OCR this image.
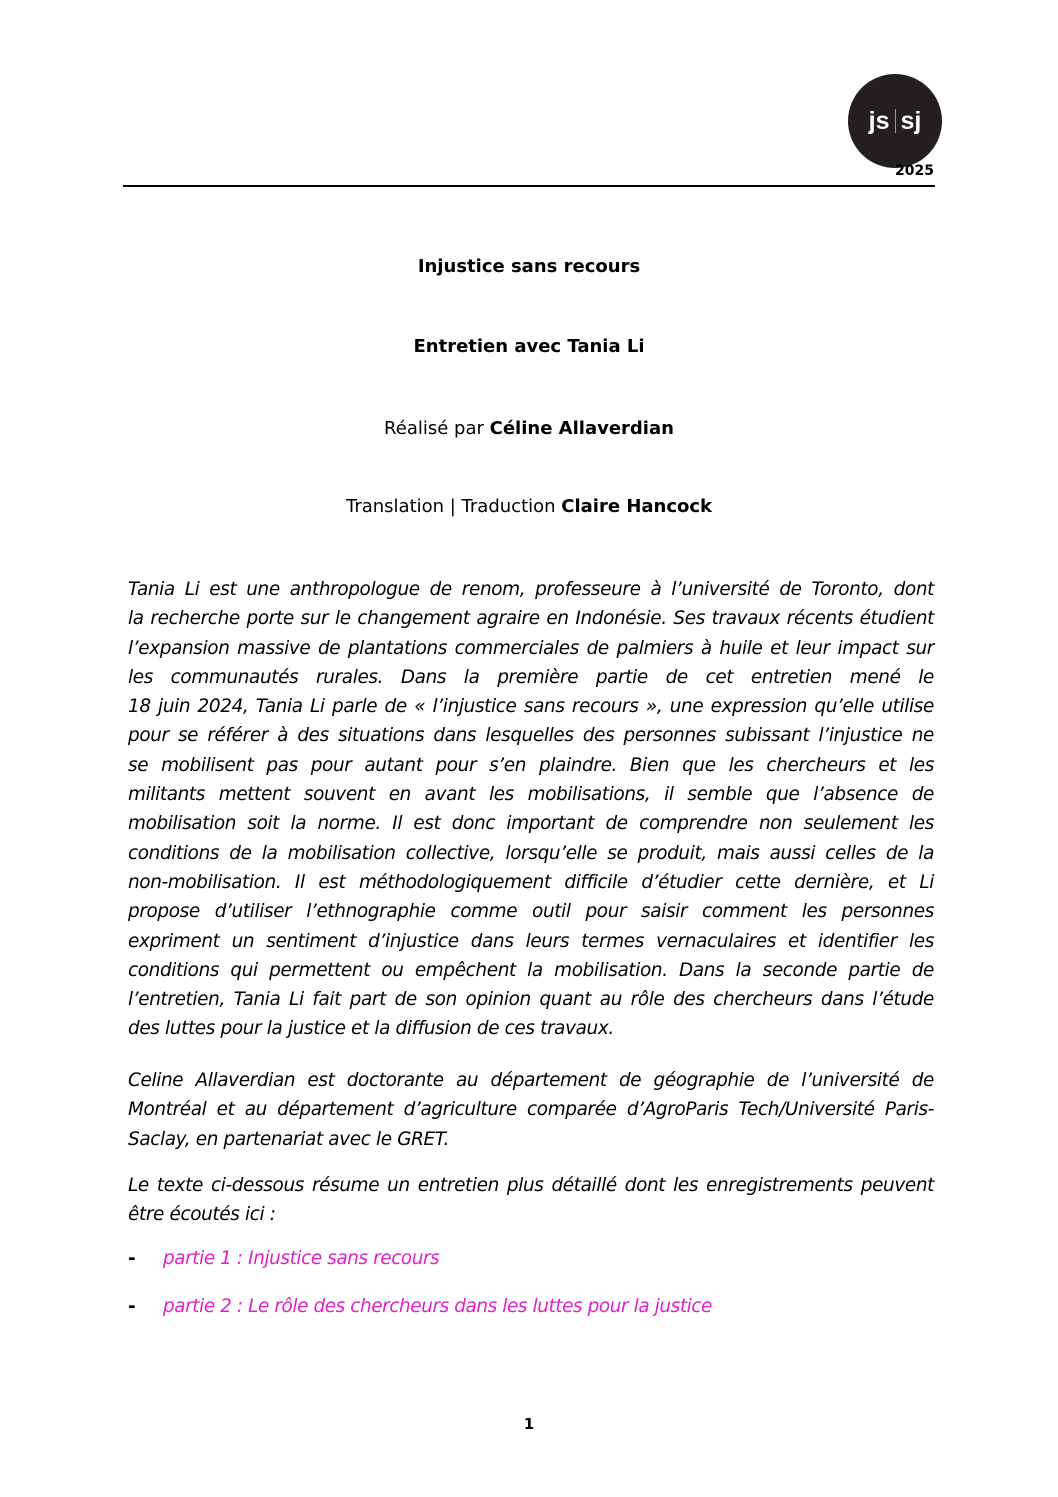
js sj
2025
Injustice sans recours
Entretien avec Tania Li
Réalisé par Céline Allaverdian
Translation | Traduction Claire Hancock
Tania Li est une anthropologue de renom, professeure à l’université de Toronto, dont
la recherche porte sur le changement agraire en Indonésie. Ses travaux récents étudient
l’expansion massive de plantations commerciales de palmiers à huile et leur impact sur
les communautés rurales. Dans la première partie de cet entretien mené le
18 juin 2024, Tania Li parle de « l’injustice sans recours », une expression qu’elle utilise
pour se référer à des situations dans lesquelles des personnes subissant l’injustice ne
se mobilisent pas pour autant pour s’en plaindre. Bien que les chercheurs et les
militants mettent souvent en avant les mobilisations, il semble que l’absence de
mobilisation soit la norme. Il est donc important de comprendre non seulement les
conditions de la mobilisation collective, lorsqu’elle se produit, mais aussi celles de la
non-mobilisation. Il est méthodologiquement difficile d’étudier cette dernière, et Li
propose d’utiliser l’ethnographie comme outil pour saisir comment les personnes
expriment un sentiment d’injustice dans leurs termes vernaculaires et identifier les
conditions qui permettent ou empêchent la mobilisation. Dans la seconde partie de
l’entretien, Tania Li fait part de son opinion quant au rôle des chercheurs dans l’étude
des luttes pour la justice et la diffusion de ces travaux.
Celine Allaverdian est doctorante au département de géographie de l’université de
Montréal et au département d’agriculture comparée d’AgroParis Tech/Université Paris-
Saclay, en partenariat avec le GRET.
Le texte ci-dessous résume un entretien plus détaillé dont les enregistrements peuvent
être écoutés ici :
- partie 1 : Injustice sans recours
- partie 2 : Le rôle des chercheurs dans les luttes pour la justice
1
